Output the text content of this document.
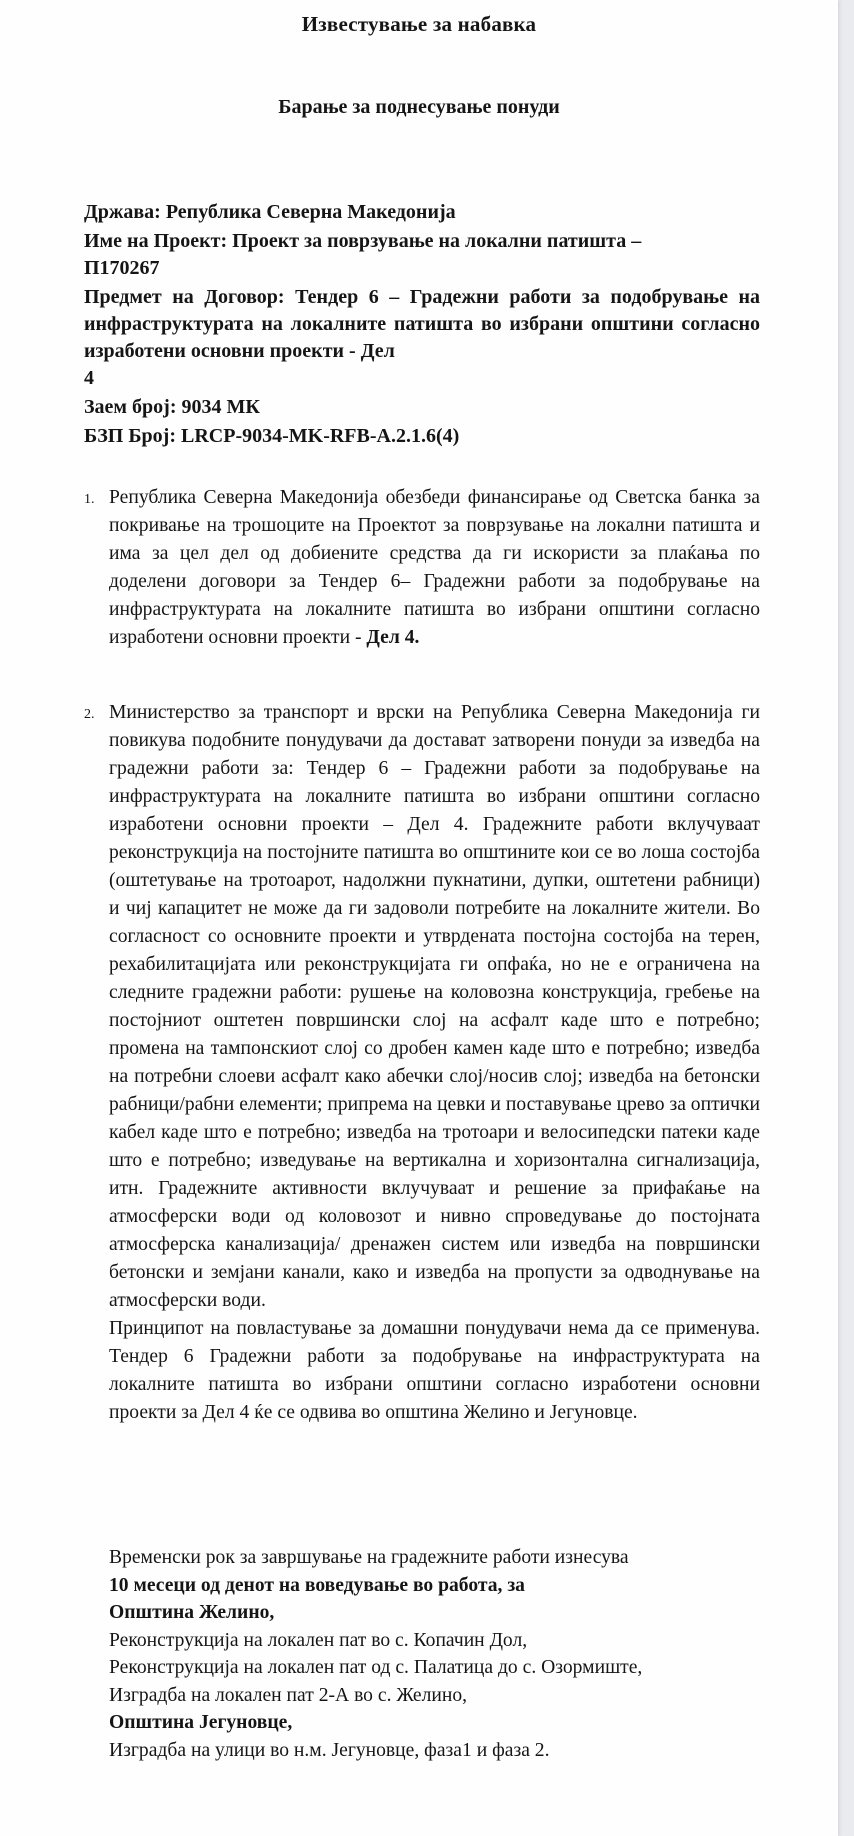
Известување за набавка
Барање за поднесување понуди

Држава: Република Северна Македонија

Име на Проект: Проект за поврзување на локални патишта –
П170267

Предмет на Договор: Тендер 6 – Градежни работи за подобрување на инфраструктурата на локалните патишта во избрани општини согласно изработени основни проекти - Дел
4

Заем број: 9034 МК

БЗП Број: LRCP-9034-MK-RFB-A.2.1.6(4)

1. Република Северна Македонија обезбеди финансирање од Светска банка за покривање на трошоците на Проектот за поврзување на локални патишта и има за цел дел од добиените средства да ги искористи за плаќања по доделени договори за Тендер 6– Градежни работи за подобрување на инфраструктурата на локалните патишта во избрани општини согласно изработени основни проекти - Дел 4.

2. Министерство за транспорт и врски на Република Северна Македонија ги повикува подобните понудувачи да достават затворени понуди за изведба на градежни работи за: Тендер 6 – Градежни работи за подобрување на инфраструктурата на локалните патишта во избрани општини согласно изработени основни проекти – Дел 4. Градежните работи вклучуваат реконструкција на постојните патишта во општините кои се во лоша состојба (оштетување на тротоарот, надолжни пукнатини, дупки, оштетени рабници) и чиј капацитет не може да ги задоволи потребите на локалните жители. Во согласност со основните проекти и утврдената постојна состојба на терен, рехабилитацијата или реконструкцијата ги опфаќа, но не е ограничена на следните градежни работи: рушење на коловозна конструкција, гребење на постојниот оштетен површински слој на асфалт каде што е потребно; промена на тампонскиот слој со дробен камен каде што е потребно; изведба на потребни слоеви асфалт како абечки слој/носив слој; изведба на бетонски рабници/рабни елементи; припрема на цевки и поставување црево за оптички кабел каде што е потребно; изведба на тротоари и велосипедски патеки каде што е потребно; изведување на вертикална и хоризонтална сигнализација, итн. Градежните активности вклучуваат и решение за прифаќање на атмосферски води од коловозот и нивно спроведување до постојната атмосферска канализација/ дренажен систем или изведба на површински бетонски и земјани канали, како и изведба на пропусти за одводнување на атмосферски води.

Принципот на повластување за домашни понудувачи нема да се применува. Тендер 6 Градежни работи за подобрување на инфраструктурата на локалните патишта во избрани општини согласно изработени основни проекти за Дел 4 ќе се одвива во општина Желино и Јегуновце.

Временски рок за завршување на градежните работи изнесува

10 месеци од денот на воведување во работа, за

Општина Желино,

Реконструкција на локален пат во с. Копачин Дол,

Реконструкција на локален пат од с. Палатица до с. Озормиште,

Изградба на локален пат 2-А во с. Желино,

Општина Јегуновце,

Изградба на улици во н.м. Јегуновце, фаза1 и фаза 2.
